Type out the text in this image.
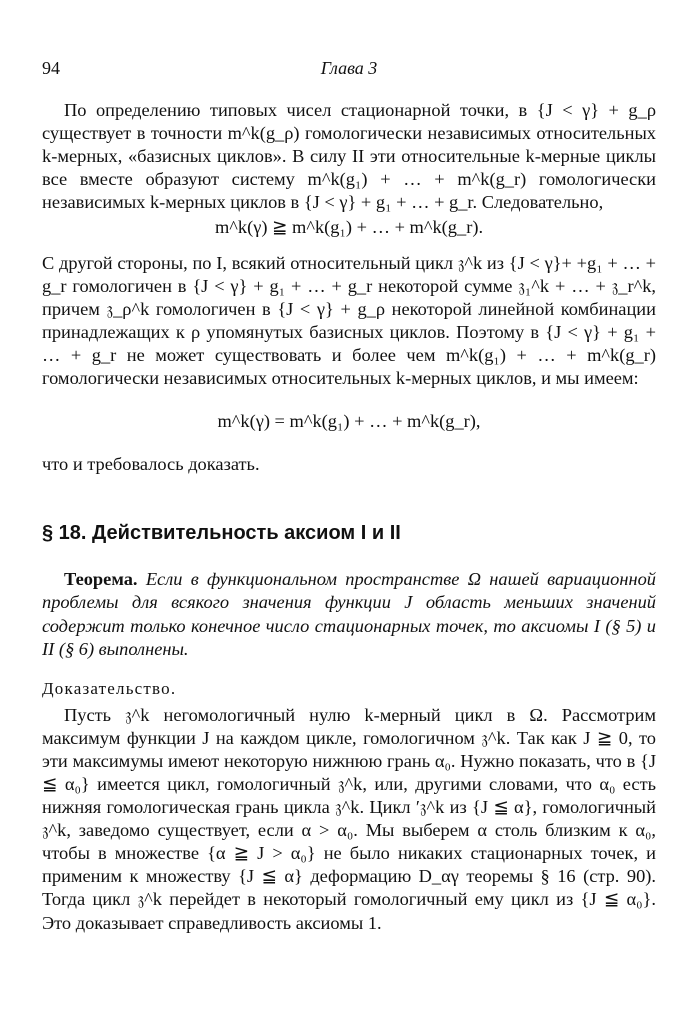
94	Глава 3

По определению типовых чисел стационарной точки, в {J < γ} + g_ρ существует в точности m^k(g_ρ) гомологически независимых относительных k-мерных, «базисных циклов». В силу II эти относительные k-мерные циклы все вместе образуют систему m^k(g₁) + … + m^k(g_r) гомологически независимых k-мерных циклов в {J < γ} + g₁ + … + g_r. Следовательно,

m^k(γ) ≧ m^k(g₁) + … + m^k(g_r).

С другой стороны, по I, всякий относительный цикл 𝔷^k из {J < γ}+ +g₁ + … + g_r гомологичен в {J < γ} + g₁ + … + g_r некоторой сумме 𝔷₁^k + … + 𝔷_r^k, причем 𝔷_ρ^k гомологичен в {J < γ} + g_ρ некоторой линейной комбинации принадлежащих к ρ упомянутых базисных циклов. Поэтому в {J < γ} + g₁ + … + g_r не может существовать и более чем m^k(g₁) + … + m^k(g_r) гомологически независимых относительных k-мерных циклов, и мы имеем:

m^k(γ) = m^k(g₁) + … + m^k(g_r),

что и требовалось доказать.

§ 18. Действительность аксиом I и II

Теорема. Если в функциональном пространстве Ω нашей вариационной проблемы для всякого значения функции J область меньших значений содержит только конечное число стационарных точек, то аксиомы I (§ 5) и II (§ 6) выполнены.

Доказательство.

Пусть 𝔷^k негомологичный нулю k-мерный цикл в Ω. Рассмотрим максимум функции J на каждом цикле, гомологичном 𝔷^k. Так как J ≧ 0, то эти максимумы имеют некоторую нижнюю грань α₀. Нужно показать, что в {J ≦ α₀} имеется цикл, гомологичный 𝔷^k, или, другими словами, что α₀ есть нижняя гомологическая грань цикла 𝔷^k. Цикл ′𝔷^k из {J ≦ α}, гомологичный 𝔷^k, заведомо существует, если α > α₀. Мы выберем α столь близким к α₀, чтобы в множестве {α ≧ J > α₀} не было никаких стационарных точек, и применим к множеству {J ≦ α} деформацию D_αγ теоремы § 16 (стр. 90). Тогда цикл 𝔷^k перейдет в некоторый гомологичный ему цикл из {J ≦ α₀}. Это доказывает справедливость аксиомы 1.
